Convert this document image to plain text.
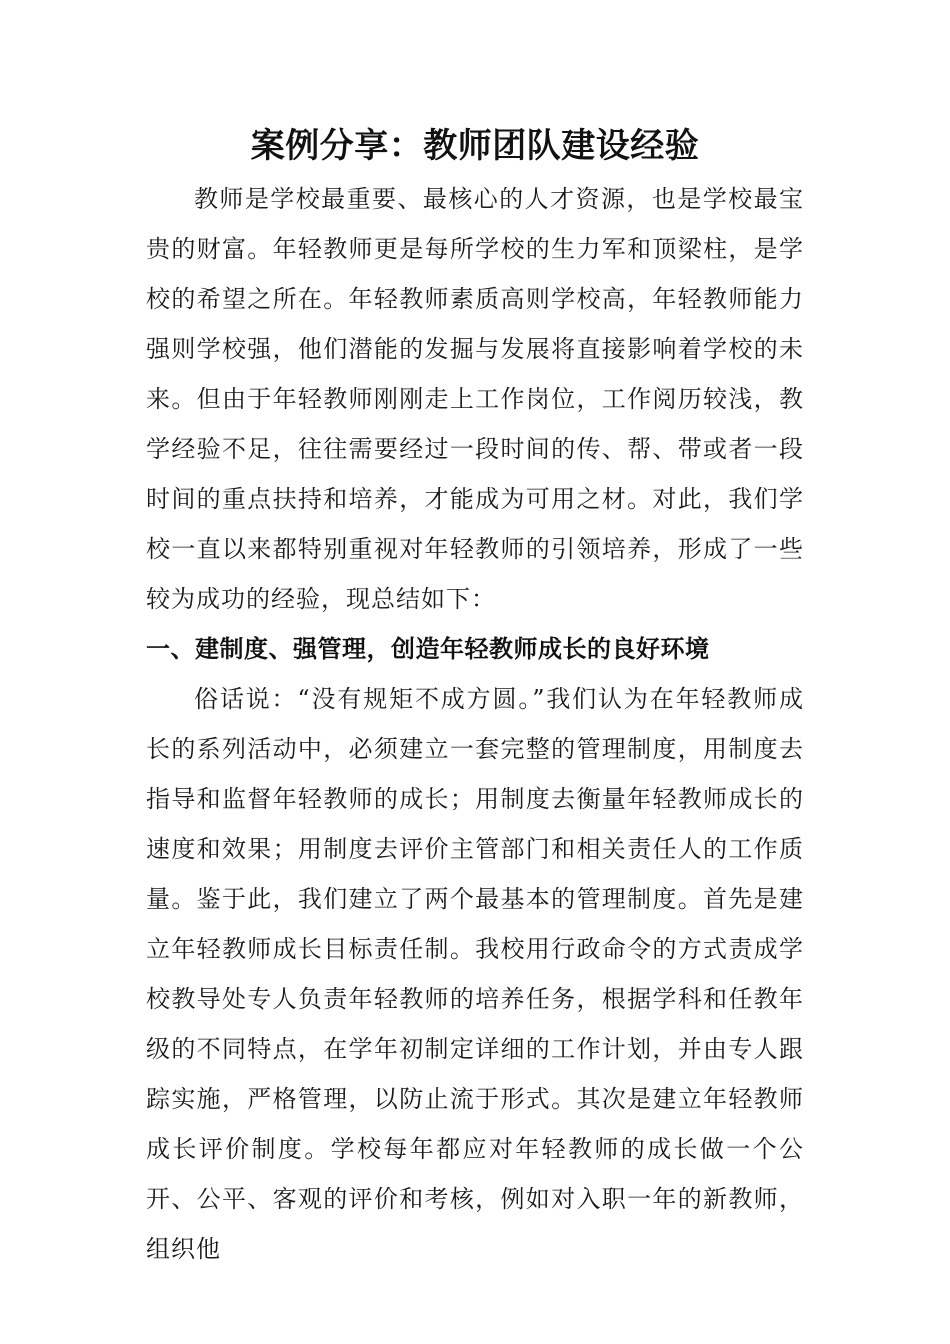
案例分享：教师团队建设经验

教师是学校最重要、最核心的人才资源，也是学校最宝贵的财富。年轻教师更是每所学校的生力军和顶梁柱，是学校的希望之所在。年轻教师素质高则学校高，年轻教师能力强则学校强，他们潜能的发掘与发展将直接影响着学校的未来。但由于年轻教师刚刚走上工作岗位，工作阅历较浅，教学经验不足，往往需要经过一段时间的传、帮、带或者一段时间的重点扶持和培养，才能成为可用之材。对此，我们学校一直以来都特别重视对年轻教师的引领培养，形成了一些较为成功的经验，现总结如下：

一、建制度、强管理，创造年轻教师成长的良好环境

俗话说：“没有规矩不成方圆。”我们认为在年轻教师成长的系列活动中，必须建立一套完整的管理制度，用制度去指导和监督年轻教师的成长；用制度去衡量年轻教师成长的速度和效果；用制度去评价主管部门和相关责任人的工作质量。鉴于此，我们建立了两个最基本的管理制度。首先是建立年轻教师成长目标责任制。我校用行政命令的方式责成学校教导处专人负责年轻教师的培养任务，根据学科和任教年级的不同特点，在学年初制定详细的工作计划，并由专人跟踪实施，严格管理，以防止流于形式。其次是建立年轻教师成长评价制度。学校每年都应对年轻教师的成长做一个公开、公平、客观的评价和考核，例如对入职一年的新教师，组织他
